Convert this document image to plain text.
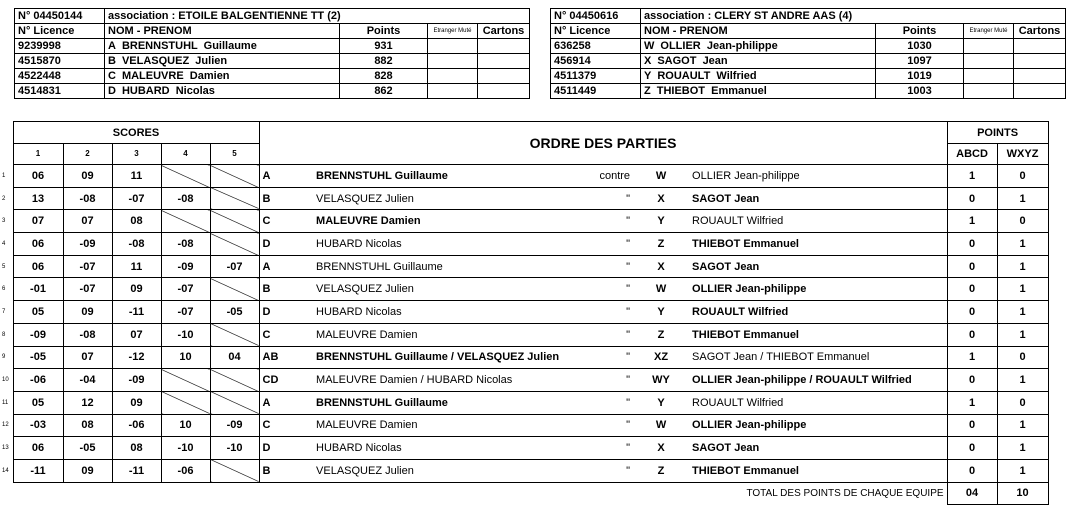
N° 04450144	association : ETOILE BALGENTIENNE TT (2)			
N° Licence	NOM - PRENOM	Points	Etranger Muté	Cartons
9239998	A BRENNSTUHL  Guillaume	931		
4515870	B VELASQUEZ  Julien	882		
4522448	C MALEUVRE  Damien	828		
4514831	D HUBARD  Nicolas	862		
N° 04450616	association : CLERY ST ANDRE AAS (4)			
N° Licence	NOM - PRENOM	Points	Etranger Muté	Cartons
636258	W OLLIER  Jean-philippe	1030		
456914	X SAGOT  Jean	1097		
4511379	Y ROUAULT  Wilfried	1019		
4511449	Z THIEBOT  Emmanuel	1003		
	SCORES					ORDRE DES PARTIES					POINTS	
	1	2	3	4	5						ABCD	WXYZ
1	06	09	11			A	BRENNSTUHL Guillaume	contre	W	OLLIER Jean-philippe	1	0
2	13	-08	-07	-08		B	VELASQUEZ Julien	"	X	SAGOT Jean	0	1
3	07	07	08			C	MALEUVRE Damien	"	Y	ROUAULT Wilfried	1	0
4	06	-09	-08	-08		D	HUBARD Nicolas	"	Z	THIEBOT Emmanuel	0	1
5	06	-07	11	-09	-07	A	BRENNSTUHL Guillaume	"	X	SAGOT Jean	0	1
6	-01	-07	09	-07		B	VELASQUEZ Julien	"	W	OLLIER Jean-philippe	0	1
7	05	09	-11	-07	-05	D	HUBARD Nicolas	"	Y	ROUAULT Wilfried	0	1
8	-09	-08	07	-10		C	MALEUVRE Damien	"	Z	THIEBOT Emmanuel	0	1
9	-05	07	-12	10	04	AB	BRENNSTUHL Guillaume / VELASQUEZ Julien	"	XZ	SAGOT Jean / THIEBOT Emmanuel	1	0
10	-06	-04	-09			CD	MALEUVRE Damien / HUBARD Nicolas	"	WY	OLLIER Jean-philippe / ROUAULT Wilfried	0	1
11	05	12	09			A	BRENNSTUHL Guillaume	"	Y	ROUAULT Wilfried	1	0
12	-03	08	-06	10	-09	C	MALEUVRE Damien	"	W	OLLIER Jean-philippe	0	1
13	06	-05	08	-10	-10	D	HUBARD Nicolas	"	X	SAGOT Jean	0	1
14	-11	09	-11	-06		B	VELASQUEZ Julien	"	Z	THIEBOT Emmanuel	0	1
						TOTAL DES POINTS DE CHAQUE EQUIPE					04	10
